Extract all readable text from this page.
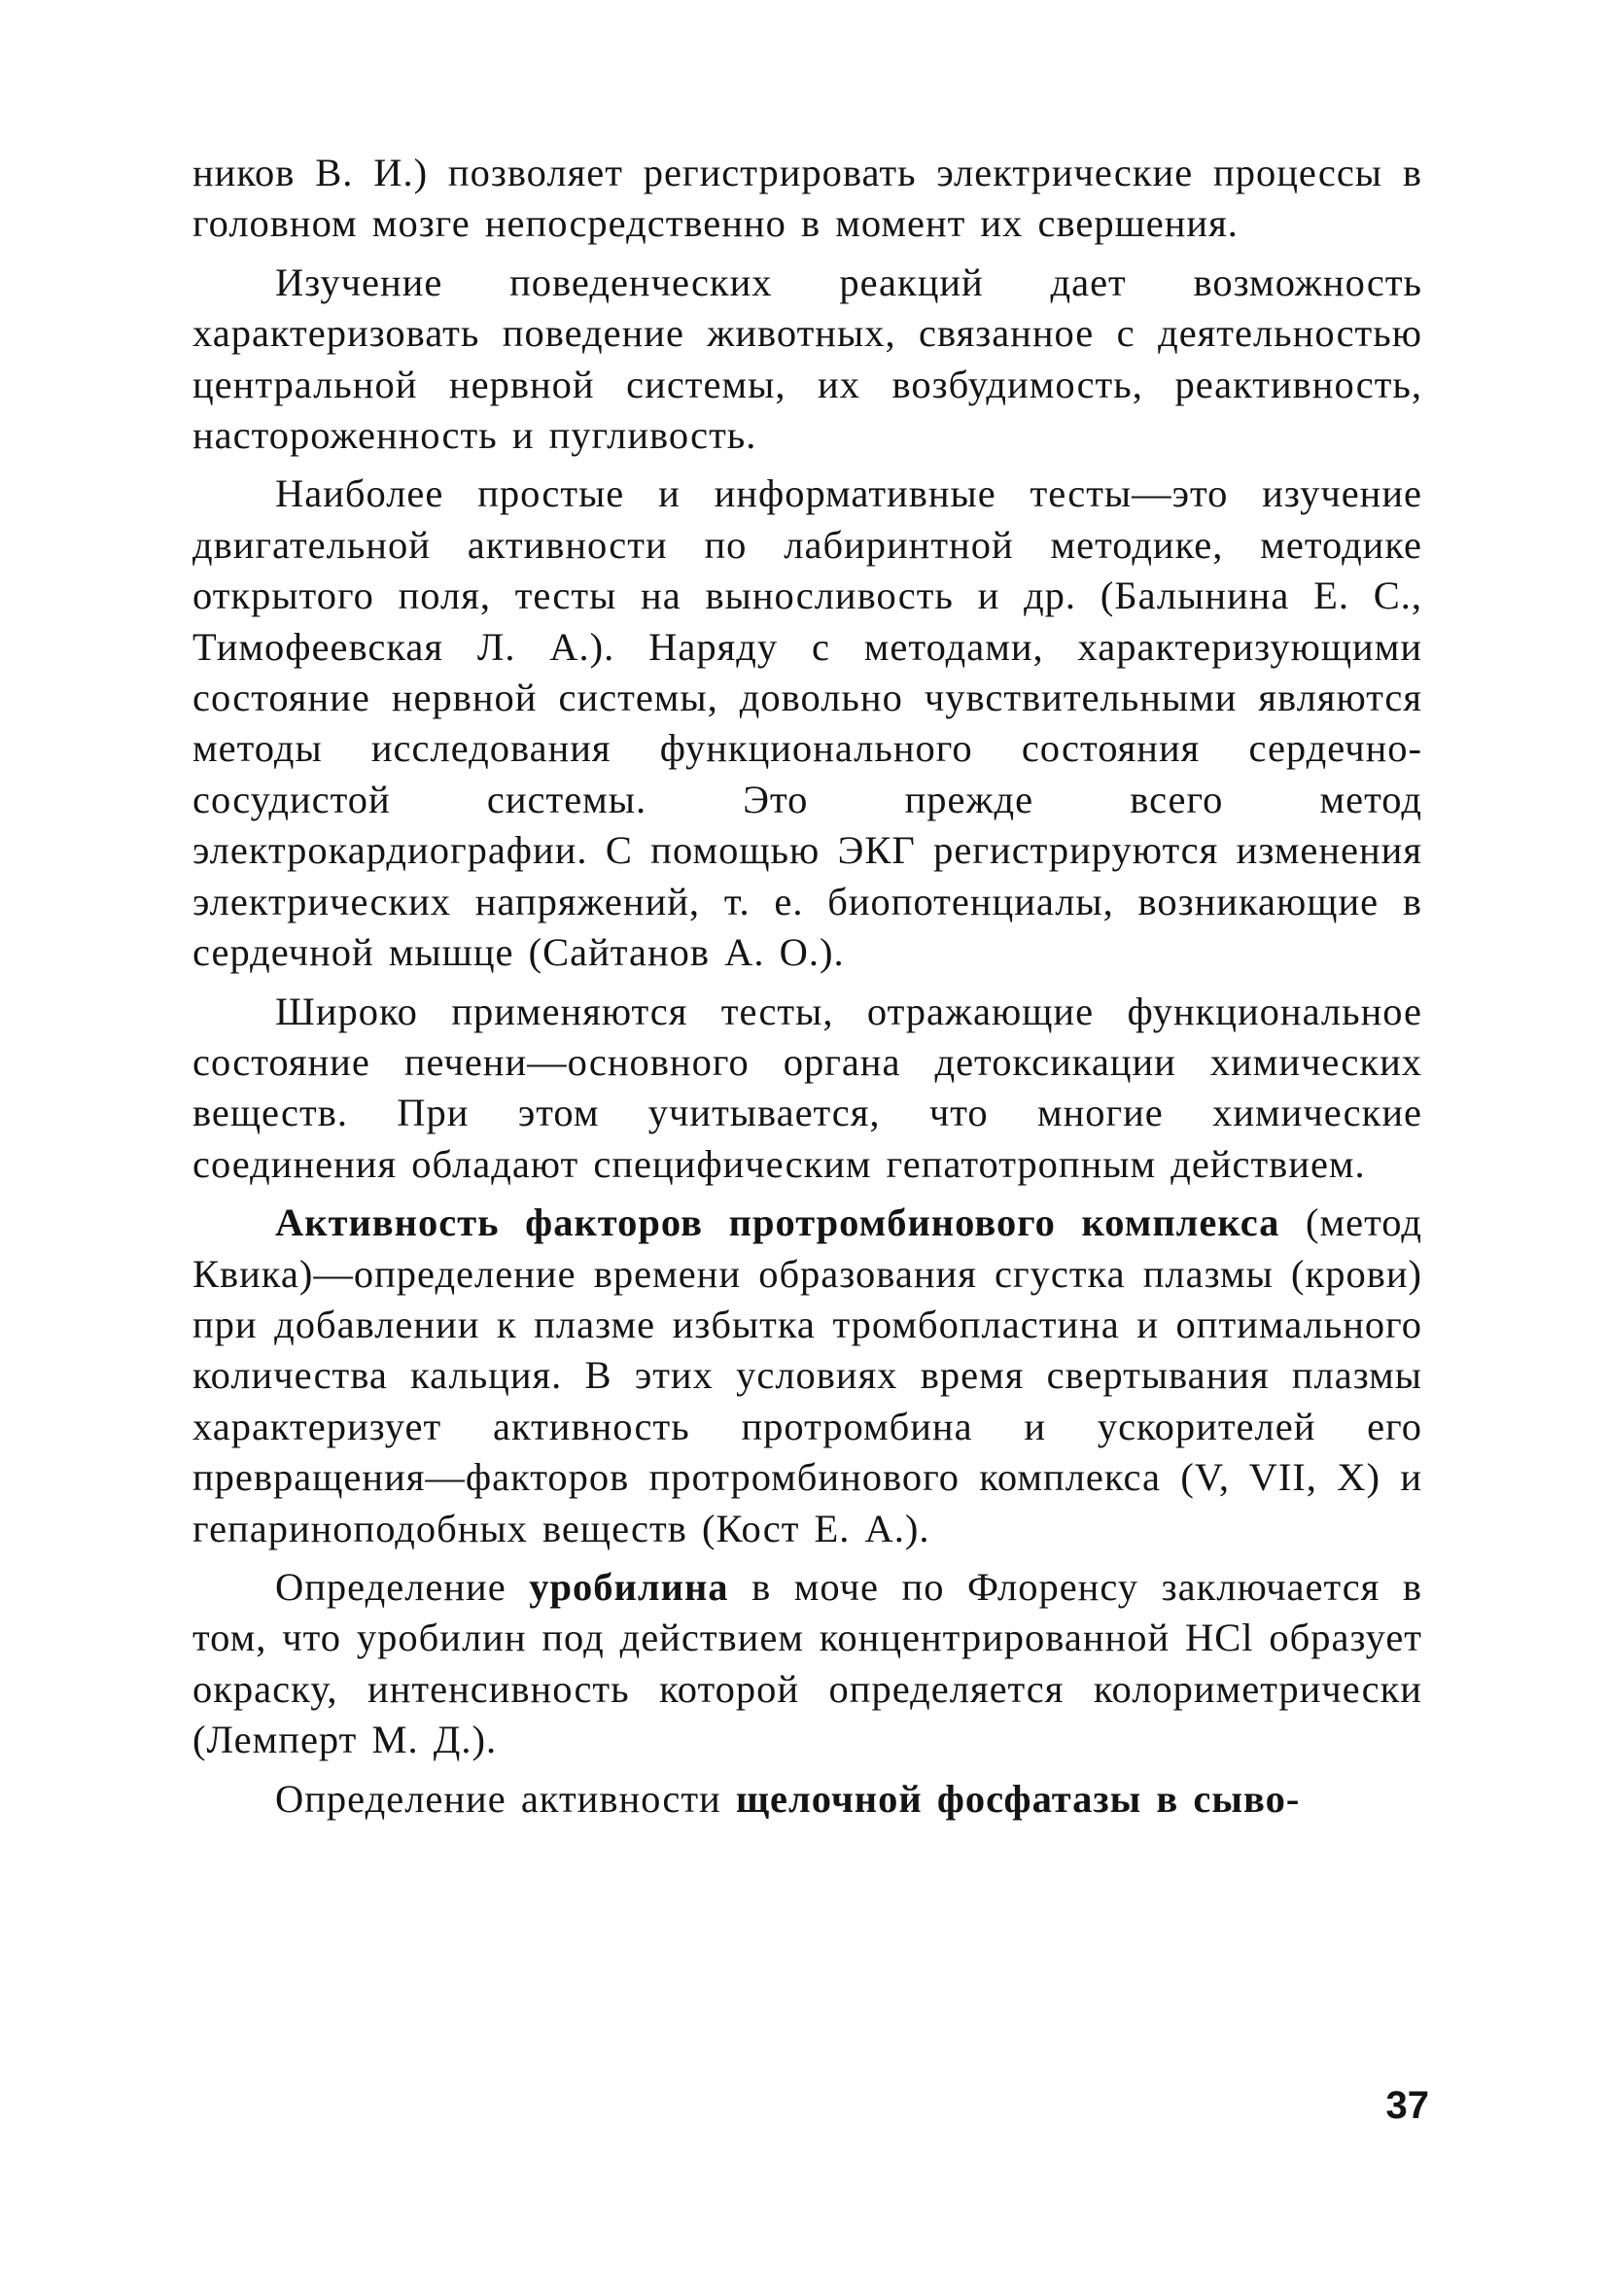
ников В. И.) позволяет регистрировать электрические процессы в головном мозге непосредственно в момент их свершения.

Изучение поведенческих реакций дает возможность характеризовать поведение животных, связанное с деятельностью центральной нервной системы, их возбудимость, реактивность, настороженность и пугливость.

Наиболее простые и информативные тесты—это изучение двигательной активности по лабиринтной методике, методике открытого поля, тесты на выносливость и др. (Балынина Е. С., Тимофеевская Л. А.). Наряду с методами, характеризующими состояние нервной системы, довольно чувствительными являются методы исследования функционального состояния сердечно-сосудистой системы. Это прежде всего метод электрокардиографии. С помощью ЭКГ регистрируются изменения электрических напряжений, т. е. биопотенциалы, возникающие в сердечной мышце (Сайтанов А. О.).

Широко применяются тесты, отражающие функциональное состояние печени—основного органа детоксикации химических веществ. При этом учитывается, что многие химические соединения обладают специфическим гепатотропным действием.

Активность факторов протромбинового комплекса (метод Квика)—определение времени образования сгустка плазмы (крови) при добавлении к плазме избытка тромбопластина и оптимального количества кальция. В этих условиях время свертывания плазмы характеризует активность протромбина и ускорителей его превращения—факторов протромбинового комплекса (V, VII, X) и гепариноподобных веществ (Кост Е. А.).

Определение уробилина в моче по Флоренсу заключается в том, что уробилин под действием концентрированной HCl образует окраску, интенсивность которой определяется колориметрически (Лемперт М. Д.).

Определение активности щелочной фосфатазы в сыво-

37
